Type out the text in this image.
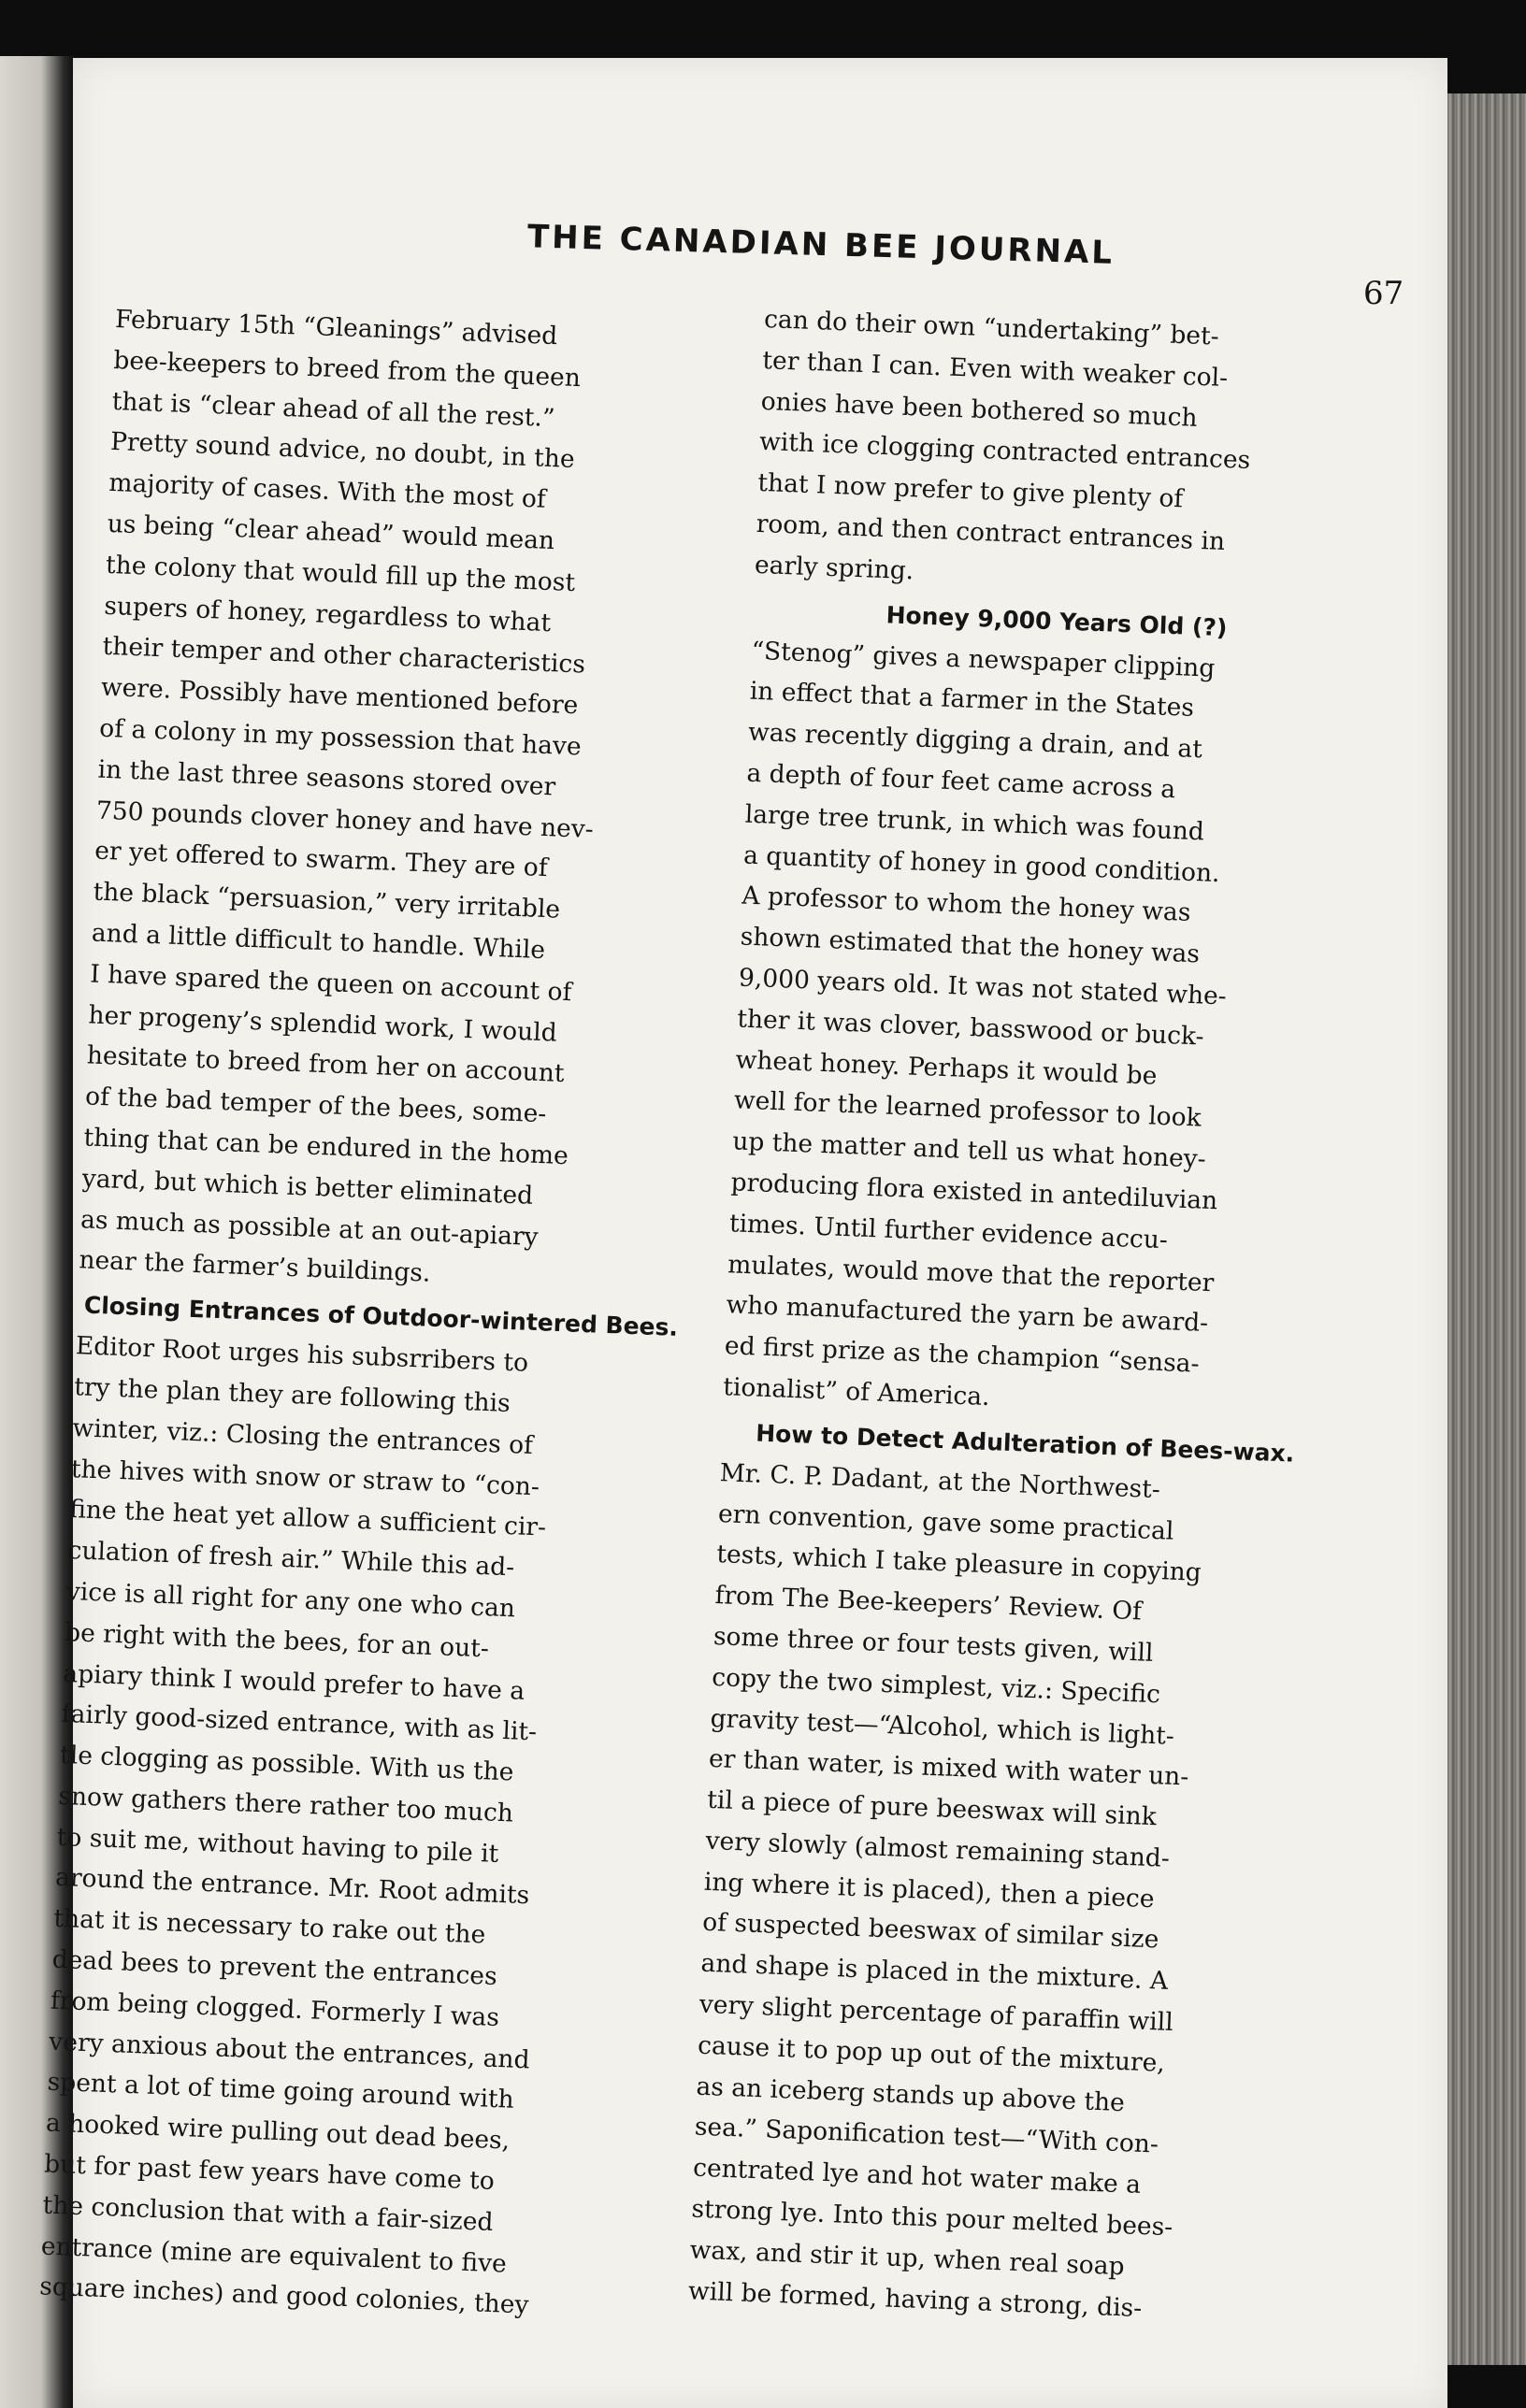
THE CANADIAN BEE JOURNAL
67

February 15th “Gleanings” advised
bee-keepers to breed from the queen
that is “clear ahead of all the rest.”
Pretty sound advice, no doubt, in the
majority of cases. With the most of
us being “clear ahead” would mean
the colony that would fill up the most
supers of honey, regardless to what
their temper and other characteristics
were. Possibly have mentioned before
of a colony in my possession that have
in the last three seasons stored over
750 pounds clover honey and have nev-
er yet offered to swarm. They are of
the black “persuasion,” very irritable
and a little difficult to handle. While
I have spared the queen on account of
her progeny’s splendid work, I would
hesitate to breed from her on account
of the bad temper of the bees, some-
thing that can be endured in the home
yard, but which is better eliminated
as much as possible at an out-apiary
near the farmer’s buildings.

Closing Entrances of Outdoor-wintered Bees.

Editor Root urges his subsrribers to
try the plan they are following this
winter, viz.: Closing the entrances of
the hives with snow or straw to “con-
fine the heat yet allow a sufficient cir-
culation of fresh air.” While this ad-
vice is all right for any one who can
be right with the bees, for an out-
apiary think I would prefer to have a
fairly good-sized entrance, with as lit-
tle clogging as possible. With us the
snow gathers there rather too much
to suit me, without having to pile it
around the entrance. Mr. Root admits
that it is necessary to rake out the
dead bees to prevent the entrances
from being clogged. Formerly I was
very anxious about the entrances, and
spent a lot of time going around with
a hooked wire pulling out dead bees,
but for past few years have come to
the conclusion that with a fair-sized
entrance (mine are equivalent to five
square inches) and good colonies, they

can do their own “undertaking” bet-
ter than I can. Even with weaker col-
onies have been bothered so much
with ice clogging contracted entrances
that I now prefer to give plenty of
room, and then contract entrances in
early spring.

Honey 9,000 Years Old (?)

“Stenog” gives a newspaper clipping
in effect that a farmer in the States
was recently digging a drain, and at
a depth of four feet came across a
large tree trunk, in which was found
a quantity of honey in good condition.
A professor to whom the honey was
shown estimated that the honey was
9,000 years old. It was not stated whe-
ther it was clover, basswood or buck-
wheat honey. Perhaps it would be
well for the learned professor to look
up the matter and tell us what honey-
producing flora existed in antediluvian
times. Until further evidence accu-
mulates, would move that the reporter
who manufactured the yarn be award-
ed first prize as the champion “sensa-
tionalist” of America.

How to Detect Adulteration of Bees-wax.

Mr. C. P. Dadant, at the Northwest-
ern convention, gave some practical
tests, which I take pleasure in copying
from The Bee-keepers’ Review. Of
some three or four tests given, will
copy the two simplest, viz.: Specific
gravity test—“Alcohol, which is light-
er than water, is mixed with water un-
til a piece of pure beeswax will sink
very slowly (almost remaining stand-
ing where it is placed), then a piece
of suspected beeswax of similar size
and shape is placed in the mixture. A
very slight percentage of paraffin will
cause it to pop up out of the mixture,
as an iceberg stands up above the
sea.” Saponification test—“With con-
centrated lye and hot water make a
strong lye. Into this pour melted bees-
wax, and stir it up, when real soap
will be formed, having a strong, dis-
